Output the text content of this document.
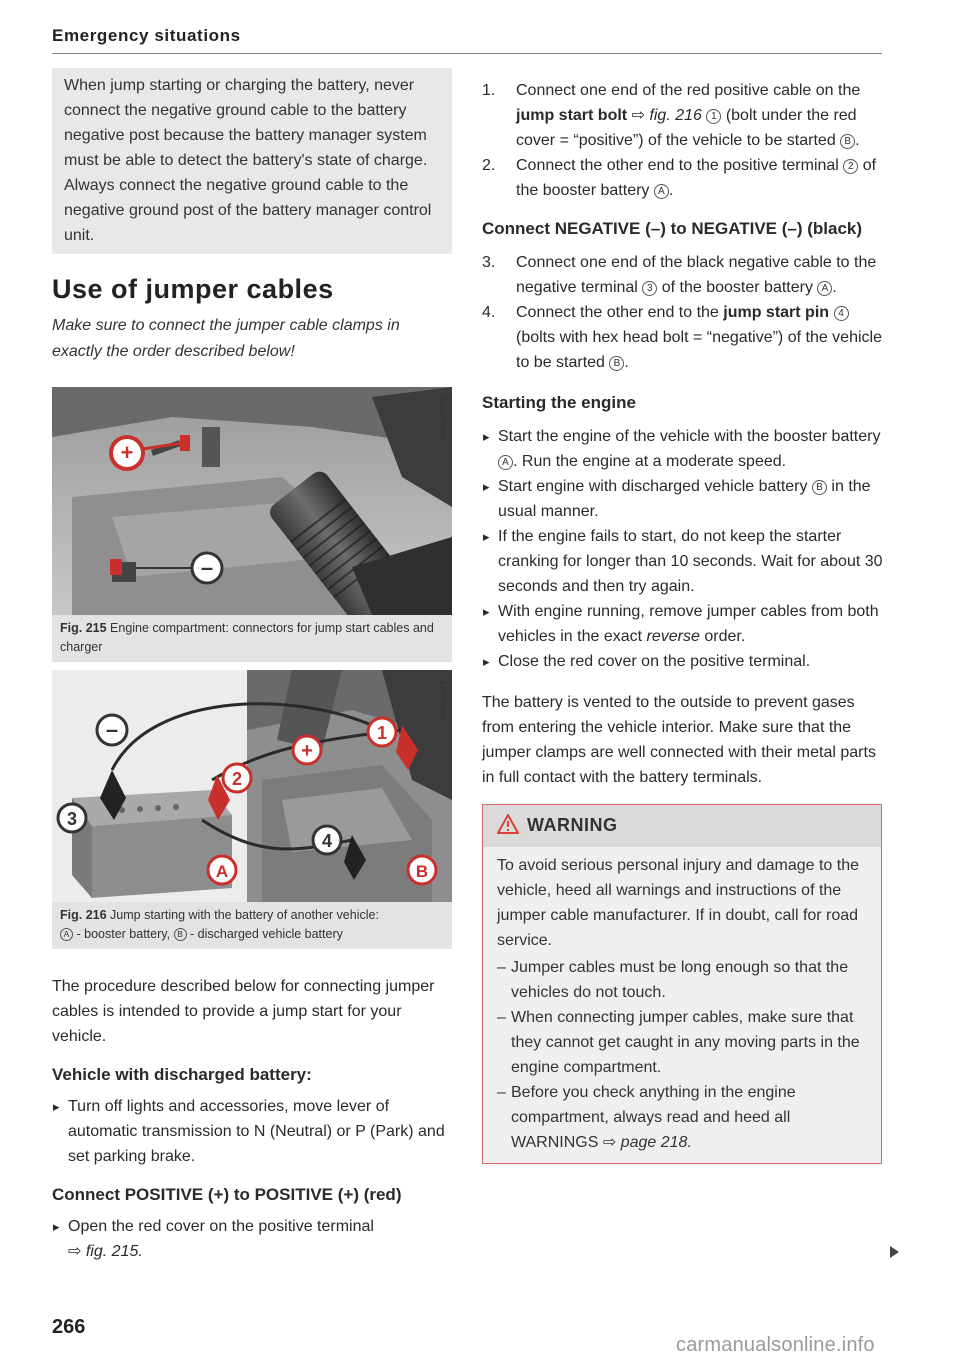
Emergency situations
When jump starting or charging the battery, never connect the negative ground cable to the battery negative post because the battery manager system must be able to detect the battery's state of charge. Always connect the negative ground cable to the negative ground post of the battery manager control unit.
Use of jumper cables

Make sure to connect the jumper cable clamps in exactly the order described below!

+
–
B4G-0576
Fig. 215 Engine compartment: connectors for jump start cables and charger
–
+
1
2
3
4
A	B
B4G-0577
Fig. 216 Jump starting with the battery of another vehicle:
A - booster battery, B - discharged vehicle battery

The procedure described below for connecting jumper cables is intended to provide a jump start for your vehicle.

Vehicle with discharged battery:
▸ Turn off lights and accessories, move lever of automatic transmission to N (Neutral) or P (Park) and set parking brake.
Connect POSITIVE (+) to POSITIVE (+) (red)
▸ Open the red cover on the positive terminal
⇨ fig. 215.
1. Connect one end of the red positive cable on the jump start bolt ⇨ fig. 216 1 (bolt under the red cover = “positive”) of the vehicle to be started B .
2. Connect the other end to the positive terminal 2 of the booster battery A .
Connect NEGATIVE (–) to NEGATIVE (–) (black)
3. Connect one end of the black negative cable to the negative terminal 3 of the booster battery A .
4. Connect the other end to the jump start pin 4 (bolts with hex head bolt = “negative”) of the vehicle to be started B .
Starting the engine
▸ Start the engine of the vehicle with the booster battery A . Run the engine at a moderate speed.
▸ Start engine with discharged vehicle battery B in the usual manner.
▸ If the engine fails to start, do not keep the starter cranking for longer than 10 seconds. Wait for about 30 seconds and then try again.
▸ With engine running, remove jumper cables from both vehicles in the exact reverse order.
▸ Close the red cover on the positive terminal.

The battery is vented to the outside to prevent gases from entering the vehicle interior. Make sure that the jumper clamps are well connected with their metal parts in full contact with the battery terminals.

WARNING

To avoid serious personal injury and damage to the vehicle, heed all warnings and instructions of the jumper cable manufacturer. If in doubt, call for road service.

– Jumper cables must be long enough so that the vehicles do not touch.
– When connecting jumper cables, make sure that they cannot get caught in any moving parts in the engine compartment.
– Before you check anything in the engine compartment, always read and heed all WARNINGS ⇨ page 218.
266
carmanualsonline.info
